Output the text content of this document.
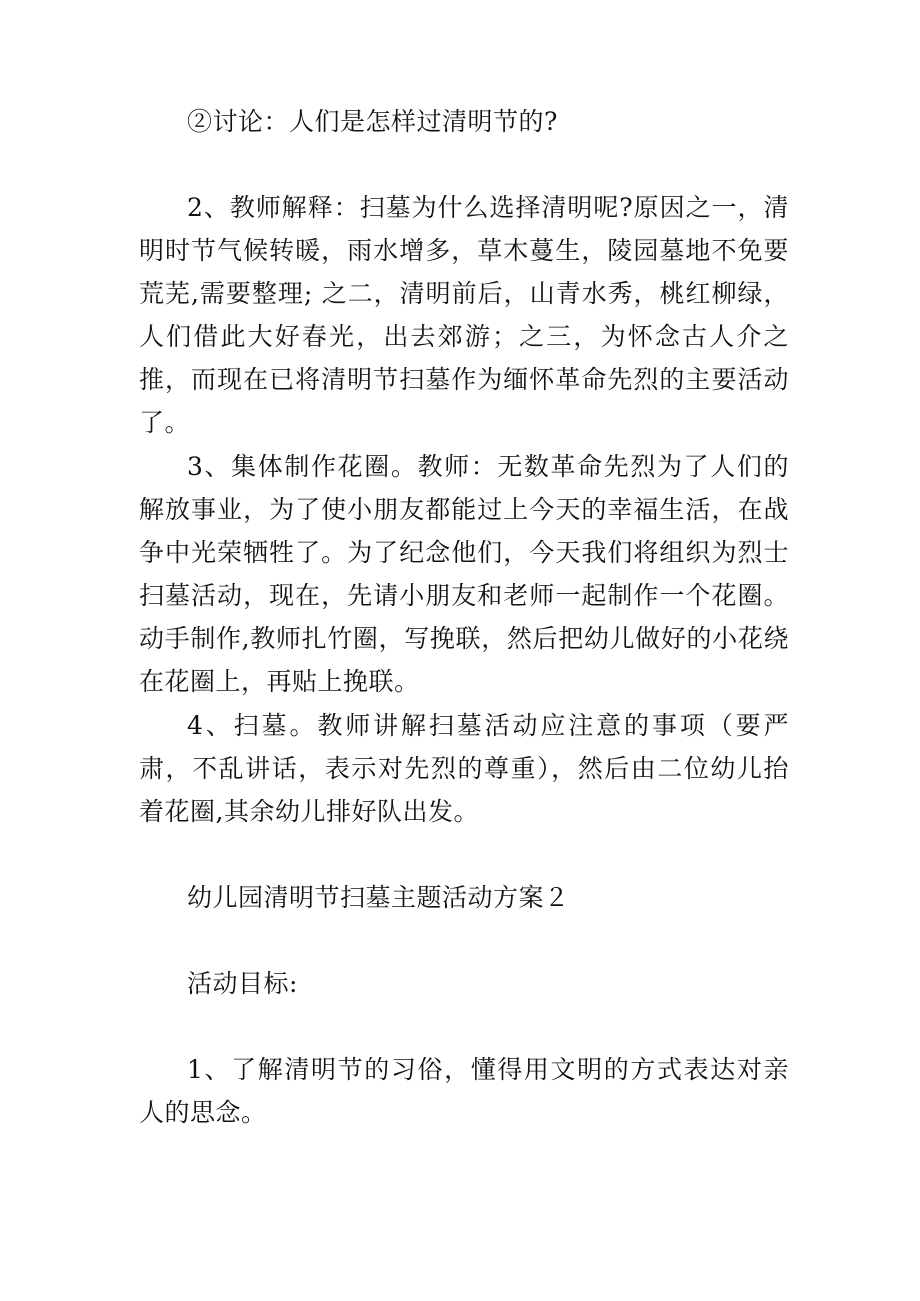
②讨论：人们是怎样过清明节的?

2、教师解释：扫墓为什么选择清明呢?原因之一，清明时节气候转暖，雨水增多，草木蔓生，陵园墓地不免要荒芜,需要整理; 之二，清明前后，山青水秀，桃红柳绿，人们借此大好春光，出去郊游；之三，为怀念古人介之推，而现在已将清明节扫墓作为缅怀革命先烈的主要活动了。

3、集体制作花圈。教师：无数革命先烈为了人们的解放事业，为了使小朋友都能过上今天的幸福生活，在战争中光荣牺牲了。为了纪念他们，今天我们将组织为烈士扫墓活动，现在，先请小朋友和老师一起制作一个花圈。动手制作,教师扎竹圈，写挽联，然后把幼儿做好的小花绕在花圈上，再贴上挽联。

4、扫墓。教师讲解扫墓活动应注意的事项（要严肃，不乱讲话，表示对先烈的尊重），然后由二位幼儿抬着花圈,其余幼儿排好队出发。

幼儿园清明节扫墓主题活动方案２

活动目标:

1、了解清明节的习俗，懂得用文明的方式表达对亲人的思念。
